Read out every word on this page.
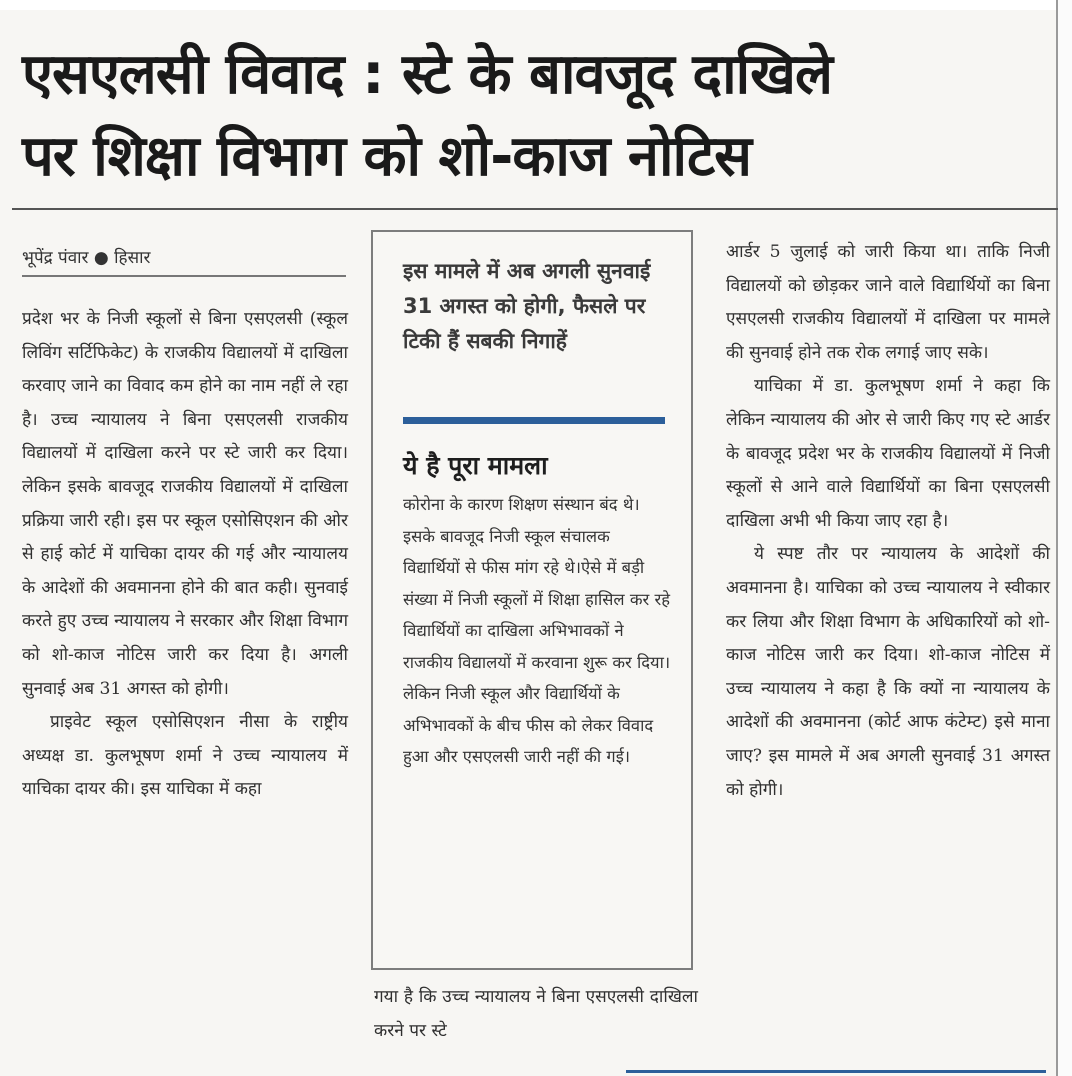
एसएलसी विवाद : स्टे के बावजूद दाखिले
पर शिक्षा विभाग को शो-काज नोटिस
भूपेंद्र पंवार ● हिसार

प्रदेश भर के निजी स्कूलों से बिना एसएलसी (स्कूल लिविंग सर्टिफिकेट) के राजकीय विद्यालयों में दाखिला करवाए जाने का विवाद कम होने का नाम नहीं ले रहा है। उच्च न्यायालय ने बिना एसएलसी राजकीय विद्यालयों में दाखिला करने पर स्टे जारी कर दिया। लेकिन इसके बावजूद राजकीय विद्यालयों में दाखिला प्रक्रिया जारी रही। इस पर स्कूल एसोसिएशन की ओर से हाई कोर्ट में याचिका दायर की गई और न्यायालय के आदेशों की अवमानना होने की बात कही। सुनवाई करते हुए उच्च न्यायालय ने सरकार और शिक्षा विभाग को शो-काज नोटिस जारी कर दिया है। अगली सुनवाई अब 31 अगस्त को होगी।

प्राइवेट स्कूल एसोसिएशन नीसा के राष्ट्रीय अध्यक्ष डा. कुलभूषण शर्मा ने उच्च न्यायालय में याचिका दायर की। इस याचिका में कहा

इस मामले में अब अगली सुनवाई 31 अगस्त को होगी, फैसले पर टिकी हैं सबकी निगाहें
ये है पूरा मामला
कोरोना के कारण शिक्षण संस्थान बंद थे। इसके बावजूद निजी स्कूल संचालक विद्यार्थियों से फीस मांग रहे थे।ऐसे में बड़ी संख्या में निजी स्कूलों में शिक्षा हासिल कर रहे विद्यार्थियों का दाखिला अभिभावकों ने राजकीय विद्यालयों में करवाना शुरू कर दिया। लेकिन निजी स्कूल और विद्यार्थियों के अभिभावकों के बीच फीस को लेकर विवाद हुआ और एसएलसी जारी नहीं की गई।

गया है कि उच्च न्यायालय ने बिना एसएलसी दाखिला करने पर स्टे

आर्डर 5 जुलाई को जारी किया था। ताकि निजी विद्यालयों को छोड़कर जाने वाले विद्यार्थियों का बिना एसएलसी राजकीय विद्यालयों में दाखिला पर मामले की सुनवाई होने तक रोक लगाई जाए सके।

याचिका में डा. कुलभूषण शर्मा ने कहा कि लेकिन न्यायालय की ओर से जारी किए गए स्टे आर्डर के बावजूद प्रदेश भर के राजकीय विद्यालयों में निजी स्कूलों से आने वाले विद्यार्थियों का बिना एसएलसी दाखिला अभी भी किया जाए रहा है।

ये स्पष्ट तौर पर न्यायालय के आदेशों की अवमानना है। याचिका को उच्च न्यायालय ने स्वीकार कर लिया और शिक्षा विभाग के अधिकारियों को शो-काज नोटिस जारी कर दिया। शो-काज नोटिस में उच्च न्यायालय ने कहा है कि क्यों ना न्यायालय के आदेशों की अवमानना (कोर्ट आफ कंटेम्ट) इसे माना जाए? इस मामले में अब अगली सुनवाई 31 अगस्त को होगी।
